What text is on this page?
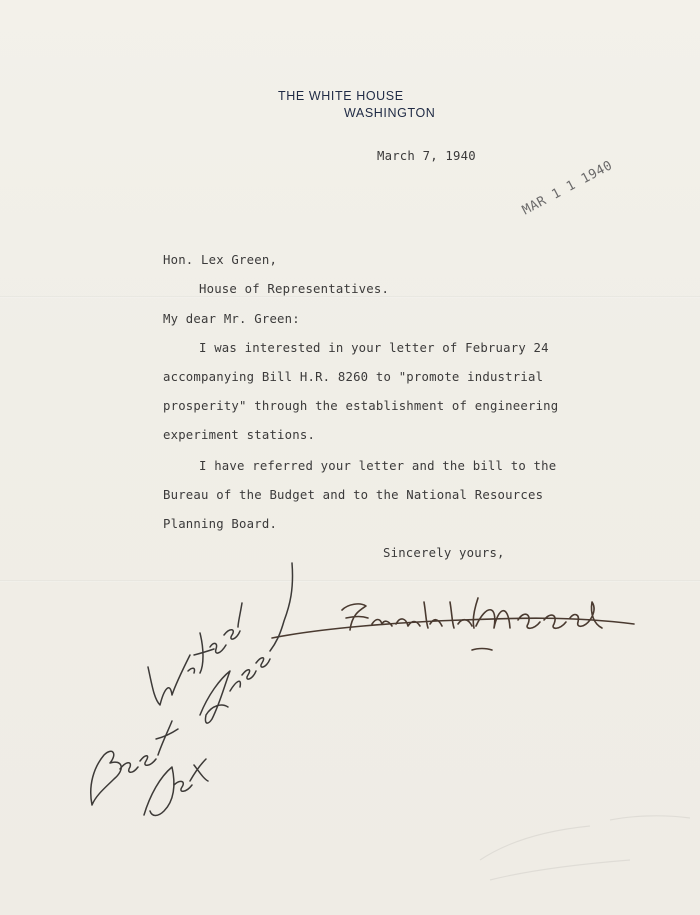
THE WHITE HOUSE
WASHINGTON
March 7, 1940
MAR 1 1 1940
Hon. Lex Green,
House of Representatives.
My dear Mr. Green:
I was interested in your letter of February 24
accompanying Bill H.R. 8260 to "promote industrial
prosperity" through the establishment of engineering
experiment stations.
I have referred your letter and the bill to the
Bureau of the Budget and to the National Resources
Planning Board.
Sincerely yours,
